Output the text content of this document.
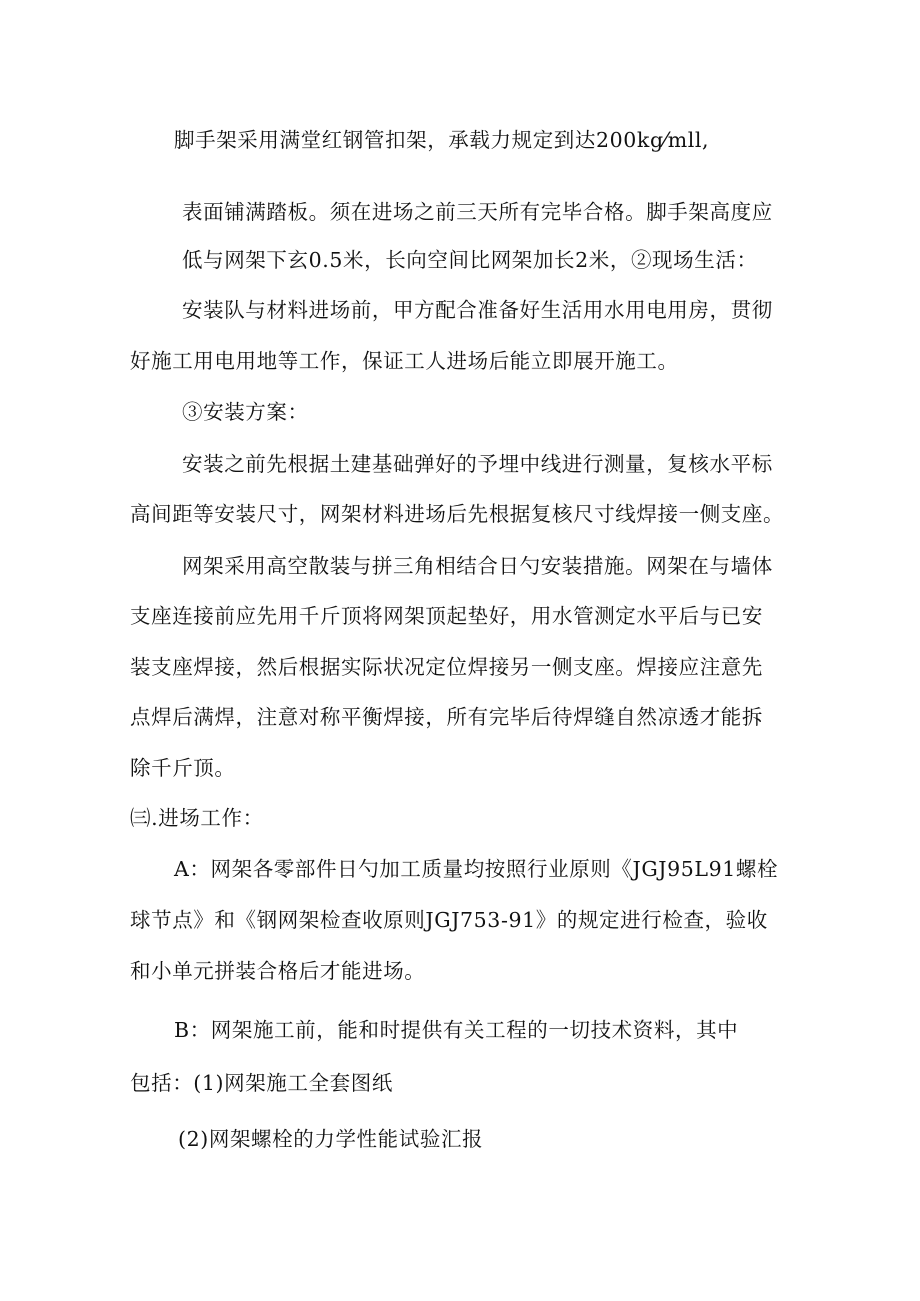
脚手架采用满堂红钢管扣架，承载力规定到达200kg⁄mll,
表面铺满踏板。须在进场之前三天所有完毕合格。脚手架高度应
低与网架下玄0.5米，长向空间比网架加长2米，②现场生活：
安装队与材料进场前，甲方配合准备好生活用水用电用房，贯彻
好施工用电用地等工作，保证工人进场后能立即展开施工。
③安装方案：
安装之前先根据土建基础弹好的予埋中线进行测量，复核水平标
高间距等安装尺寸，网架材料进场后先根据复核尺寸线焊接一侧支座。
网架采用高空散装与拼三角相结合日勺安装措施。网架在与墙体
支座连接前应先用千斤顶将网架顶起垫好，用水管测定水平后与已安
装支座焊接，然后根据实际状况定位焊接另一侧支座。焊接应注意先
点焊后满焊，注意对称平衡焊接，所有完毕后待焊缝自然凉透才能拆
除千斤顶。
㈢.进场工作：
A：网架各零部件日勺加工质量均按照行业原则《JGJ95L91螺栓
球节点》和《钢网架检查收原则JGJ753-91》的规定进行检查，验收
和小单元拼装合格后才能进场。
B：网架施工前，能和时提供有关工程的一切技术资料，其中
包括：(1)网架施工全套图纸
(2)网架螺栓的力学性能试验汇报
